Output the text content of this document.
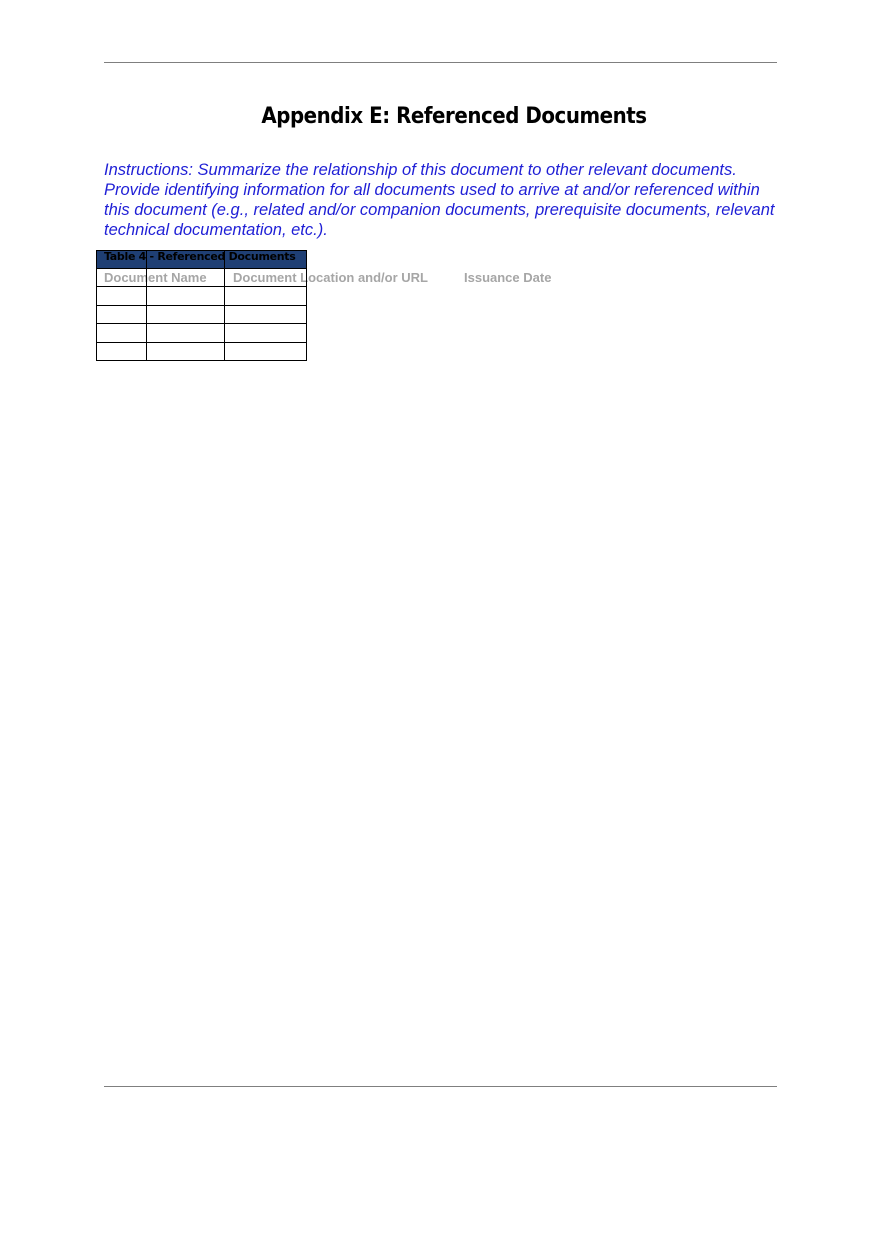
Appendix E: Referenced Documents

Instructions: Summarize the relationship of this document to other relevant documents. Provide identifying information for all documents used to arrive at and/or referenced within this document (e.g., related and/or companion documents, prerequisite documents, relevant technical documentation, etc.).

Table 4 - Referenced Documents
Document Name Document Location and/or URL	Issuance Date
